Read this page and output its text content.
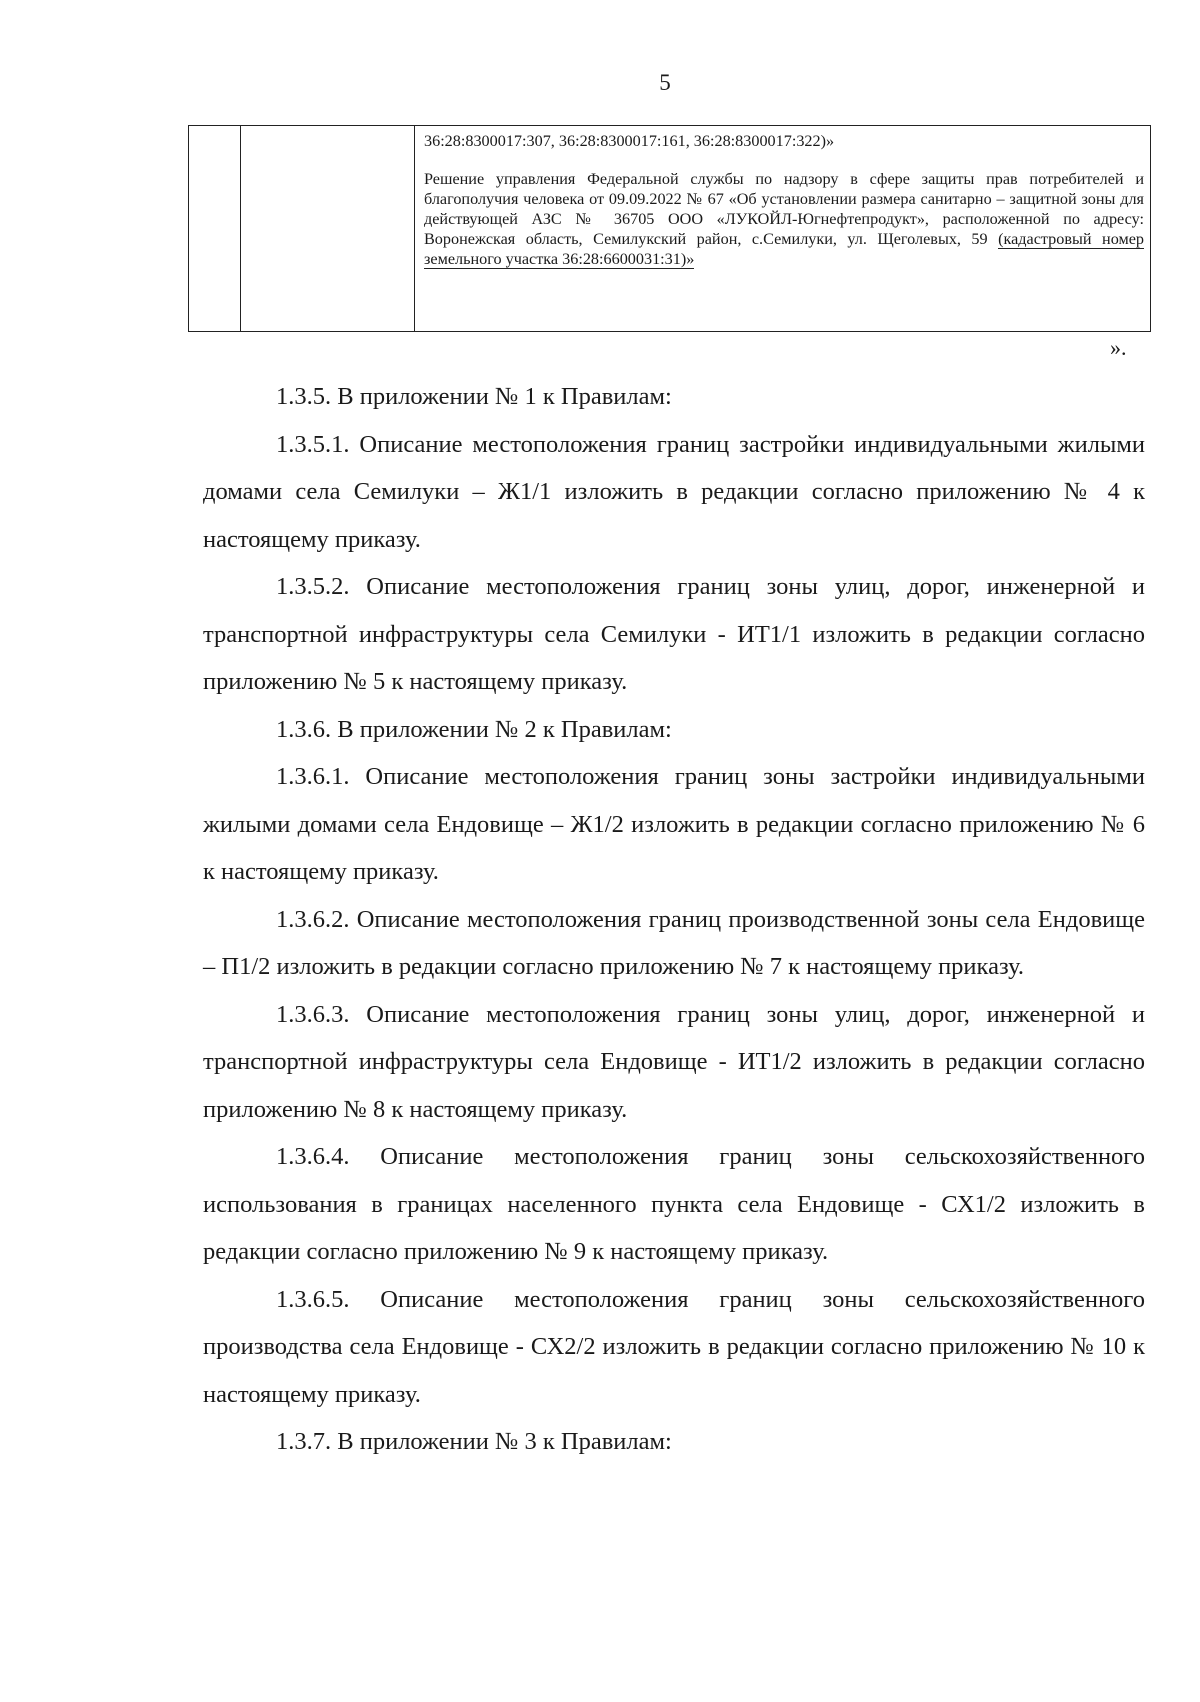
5

36:28:8300017:307, 36:28:8300017:161, 36:28:8300017:322)»

Решение управления Федеральной службы по надзору в сфере защиты прав потребителей и благополучия человека от 09.09.2022 № 67 «Об установлении размера санитарно – защитной зоны для действующей АЗС № 36705 ООО «ЛУКОЙЛ-Югнефтепродукт», расположенной по адресу: Воронежская область, Семилукский район, с.Семилуки, ул. Щеголевых, 59 (кадастровый номер земельного участка 36:28:6600031:31)»

».

1.3.5. В приложении № 1 к Правилам:

1.3.5.1. Описание местоположения границ застройки индивидуальными жилыми домами села Семилуки – Ж1/1 изложить в редакции согласно приложению № 4 к настоящему приказу.

1.3.5.2. Описание местоположения границ зоны улиц, дорог, инженерной и транспортной инфраструктуры села Семилуки - ИТ1/1 изложить в редакции согласно приложению № 5 к настоящему приказу.

1.3.6. В приложении № 2 к Правилам:

1.3.6.1. Описание местоположения границ зоны застройки индивидуальными жилыми домами села Ендовище – Ж1/2 изложить в редакции согласно приложению № 6 к настоящему приказу.

1.3.6.2. Описание местоположения границ производственной зоны села Ендовище – П1/2 изложить в редакции согласно приложению № 7 к настоящему приказу.

1.3.6.3. Описание местоположения границ зоны улиц, дорог, инженерной и транспортной инфраструктуры села Ендовище - ИТ1/2 изложить в редакции согласно приложению № 8 к настоящему приказу.

1.3.6.4. Описание местоположения границ зоны сельскохозяйственного использования в границах населенного пункта села Ендовище - СХ1/2 изложить в редакции согласно приложению № 9 к настоящему приказу.

1.3.6.5. Описание местоположения границ зоны сельскохозяйственного производства села Ендовище - СХ2/2 изложить в редакции согласно приложению № 10 к настоящему приказу.

1.3.7. В приложении № 3 к Правилам:
